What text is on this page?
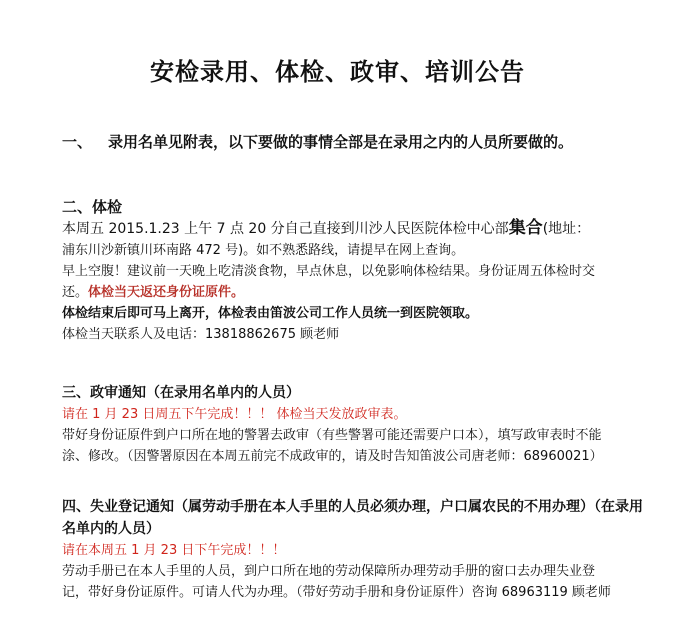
安检录用、体检、政审、培训公告
一、 录用名单见附表，以下要做的事情全部是在录用之内的人员所要做的。
二、体检
本周五 2015.1.23 上午 7 点 20 分自己直接到川沙人民医院体检中心部集合(地址：
浦东川沙新镇川环南路 472 号)。如不熟悉路线，请提早在网上查询。
早上空腹！建议前一天晚上吃清淡食物，早点休息，以免影响体检结果。身份证周五体检时交
还。体检当天返还身份证原件。
体检结束后即可马上离开，体检表由笛波公司工作人员统一到医院领取。
体检当天联系人及电话：13818862675 顾老师
三、政审通知（在录用名单内的人员）
请在 1 月 23 日周五下午完成！！！ 体检当天发放政审表。
带好身份证原件到户口所在地的警署去政审（有些警署可能还需要户口本），填写政审表时不能
涂、修改。（因警署原因在本周五前完不成政审的，请及时告知笛波公司唐老师：68960021）
四、失业登记通知（属劳动手册在本人手里的人员必须办理，户口属农民的不用办理）（在录用
名单内的人员）
请在本周五 1 月 23 日下午完成！！！
劳动手册已在本人手里的人员，到户口所在地的劳动保障所办理劳动手册的窗口去办理失业登
记，带好身份证原件。可请人代为办理。（带好劳动手册和身份证原件）咨询 68963119 顾老师
